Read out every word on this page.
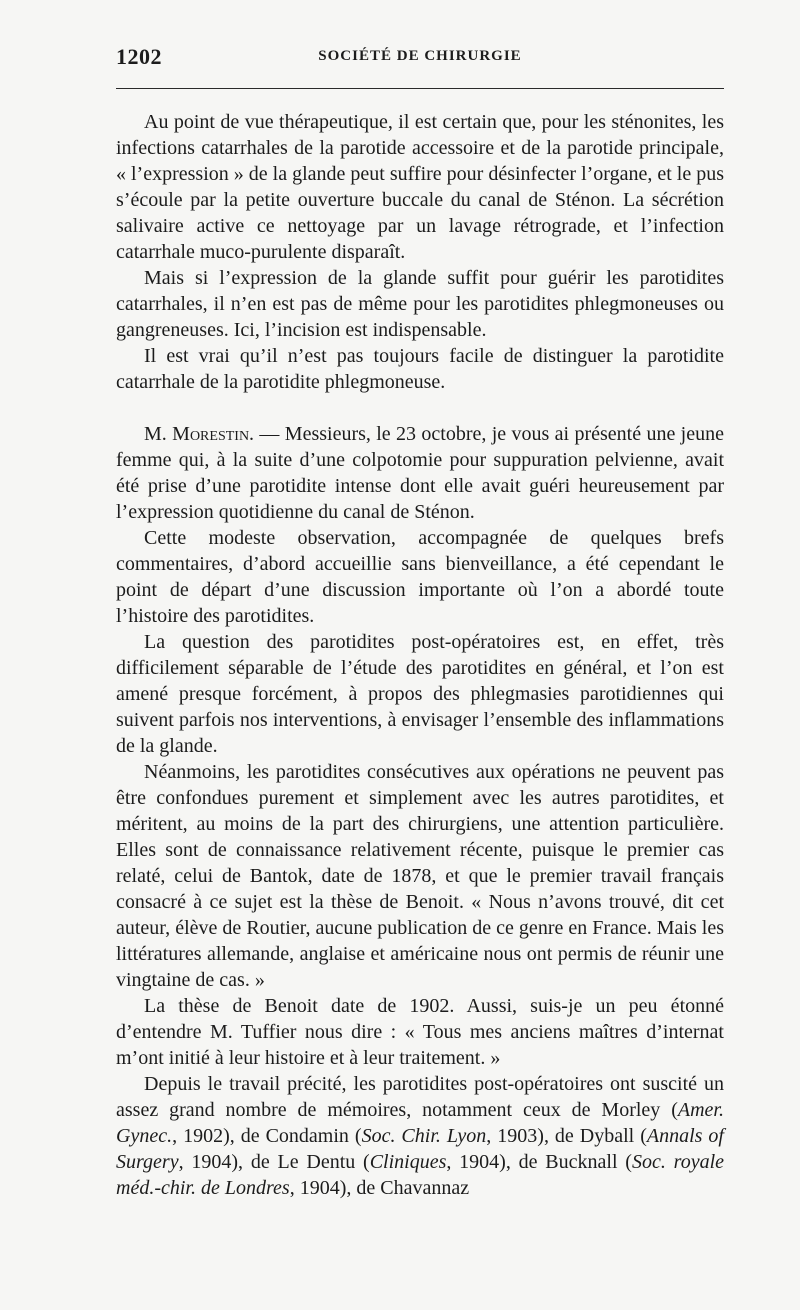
1202	SOCIÉTÉ DE CHIRURGIE

Au point de vue thérapeutique, il est certain que, pour les sténonites, les infections catarrhales de la parotide accessoire et de la parotide principale, « l’expression » de la glande peut suffire pour désinfecter l’organe, et le pus s’écoule par la petite ouverture buccale du canal de Sténon. La sécrétion salivaire active ce nettoyage par un lavage rétrograde, et l’infection catarrhale muco-purulente disparaît.

Mais si l’expression de la glande suffit pour guérir les parotidites catarrhales, il n’en est pas de même pour les parotidites phlegmoneuses ou gangreneuses. Ici, l’incision est indispensable.

Il est vrai qu’il n’est pas toujours facile de distinguer la parotidite catarrhale de la parotidite phlegmoneuse.

M. Morestin. — Messieurs, le 23 octobre, je vous ai présenté une jeune femme qui, à la suite d’une colpotomie pour suppuration pelvienne, avait été prise d’une parotidite intense dont elle avait guéri heureusement par l’expression quotidienne du canal de Sténon.

Cette modeste observation, accompagnée de quelques brefs commentaires, d’abord accueillie sans bienveillance, a été cependant le point de départ d’une discussion importante où l’on a abordé toute l’histoire des parotidites.

La question des parotidites post-opératoires est, en effet, très difficilement séparable de l’étude des parotidites en général, et l’on est amené presque forcément, à propos des phlegmasies parotidiennes qui suivent parfois nos interventions, à envisager l’ensemble des inflammations de la glande.

Néanmoins, les parotidites consécutives aux opérations ne peuvent pas être confondues purement et simplement avec les autres parotidites, et méritent, au moins de la part des chirurgiens, une attention particulière. Elles sont de connaissance relativement récente, puisque le premier cas relaté, celui de Bantok, date de 1878, et que le premier travail français consacré à ce sujet est la thèse de Benoit. « Nous n’avons trouvé, dit cet auteur, élève de Routier, aucune publication de ce genre en France. Mais les littératures allemande, anglaise et américaine nous ont permis de réunir une vingtaine de cas. »

La thèse de Benoit date de 1902. Aussi, suis-je un peu étonné d’entendre M. Tuffier nous dire : « Tous mes anciens maîtres d’internat m’ont initié à leur histoire et à leur traitement. »

Depuis le travail précité, les parotidites post-opératoires ont suscité un assez grand nombre de mémoires, notamment ceux de Morley (Amer. Gynec., 1902), de Condamin (Soc. Chir. Lyon, 1903), de Dyball (Annals of Surgery, 1904), de Le Dentu (Cliniques, 1904), de Bucknall (Soc. royale méd.-chir. de Londres, 1904), de Chavannaz
